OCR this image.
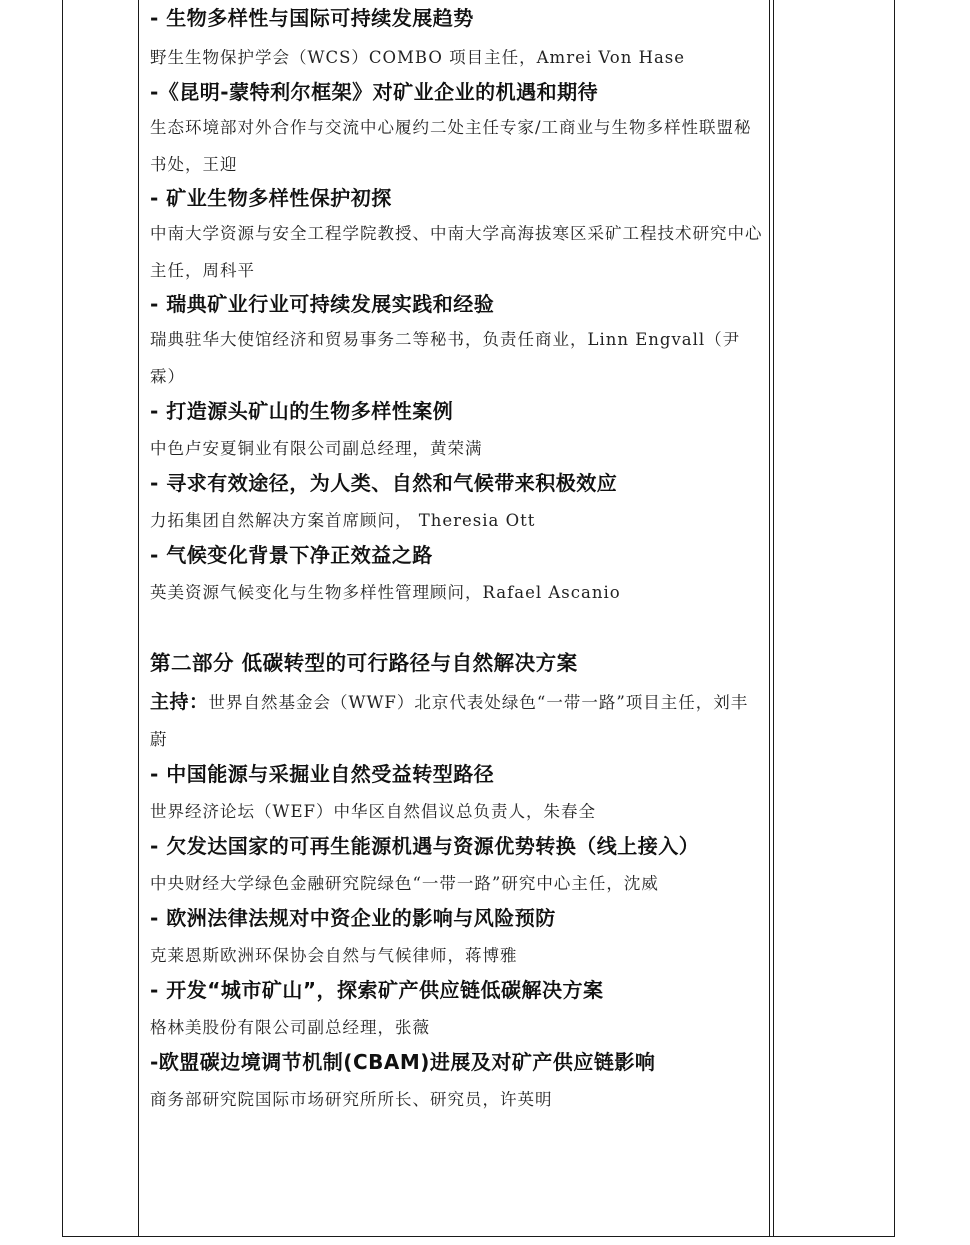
- 生物多样性与国际可持续发展趋势
野生生物保护学会（WCS）COMBO 项目主任，Amrei Von Hase
-《昆明-蒙特利尔框架》对矿业企业的机遇和期待
生态环境部对外合作与交流中心履约二处主任专家/工商业与生物多样性联盟秘书处，王迎
- 矿业生物多样性保护初探
中南大学资源与安全工程学院教授、中南大学高海拔寒区采矿工程技术研究中心主任，周科平
- 瑞典矿业行业可持续发展实践和经验
瑞典驻华大使馆经济和贸易事务二等秘书，负责任商业，Linn Engvall（尹霖）
- 打造源头矿山的生物多样性案例
中色卢安夏铜业有限公司副总经理，黄荣满
- 寻求有效途径，为人类、自然和气候带来积极效应
力拓集团自然解决方案首席顾问， Theresia Ott
- 气候变化背景下净正效益之路
英美资源气候变化与生物多样性管理顾问，Rafael Ascanio
第二部分 低碳转型的可行路径与自然解决方案
主持：世界自然基金会（WWF）北京代表处绿色“一带一路”项目主任，刘丰蔚
- 中国能源与采掘业自然受益转型路径
世界经济论坛（WEF）中华区自然倡议总负责人，朱春全
- 欠发达国家的可再生能源机遇与资源优势转换（线上接入）
中央财经大学绿色金融研究院绿色“一带一路”研究中心主任，沈威
- 欧洲法律法规对中资企业的影响与风险预防
克莱恩斯欧洲环保协会自然与气候律师，蒋博雅
- 开发“城市矿山”，探索矿产供应链低碳解决方案
格林美股份有限公司副总经理，张薇
-欧盟碳边境调节机制(CBAM)进展及对矿产供应链影响
商务部研究院国际市场研究所所长、研究员，许英明
